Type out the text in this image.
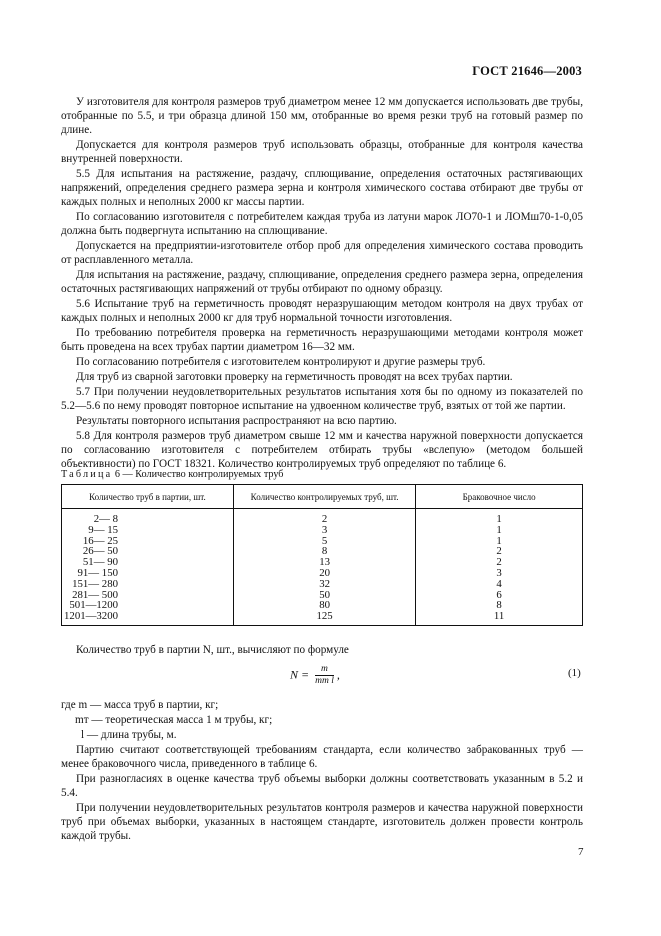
ГОСТ 21646—2003

У изготовителя для контроля размеров труб диаметром менее 12 мм допускается использовать две трубы, отобранные по 5.5, и три образца длиной 150 мм, отобранные во время резки труб на готовый размер по длине.

Допускается для контроля размеров труб использовать образцы, отобранные для контроля качества внутренней поверхности.

5.5 Для испытания на растяжение, раздачу, сплющивание, определения остаточных растягивающих напряжений, определения среднего размера зерна и контроля химического состава отбирают две трубы от каждых полных и неполных 2000 кг массы партии.

По согласованию изготовителя с потребителем каждая труба из латуни марок ЛО70-1 и ЛОМш70-1-0,05 должна быть подвергнута испытанию на сплющивание.

Допускается на предприятии-изготовителе отбор проб для определения химического состава проводить от расплавленного металла.

Для испытания на растяжение, раздачу, сплющивание, определения среднего размера зерна, определения остаточных растягивающих напряжений от трубы отбирают по одному образцу.

5.6 Испытание труб на герметичность проводят неразрушающим методом контроля на двух трубах от каждых полных и неполных 2000 кг для труб нормальной точности изготовления.

По требованию потребителя проверка на герметичность неразрушающими методами контроля может быть проведена на всех трубах партии диаметром 16—32 мм.

По согласованию потребителя с изготовителем контролируют и другие размеры труб.

Для труб из сварной заготовки проверку на герметичность проводят на всех трубах партии.

5.7 При получении неудовлетворительных результатов испытания хотя бы по одному из показателей по 5.2—5.6 по нему проводят повторное испытание на удвоенном количестве труб, взятых от той же партии.

Результаты повторного испытания распространяют на всю партию.

5.8 Для контроля размеров труб диаметром свыше 12 мм и качества наружной поверхности допускается по согласованию изготовителя с потребителем отбирать трубы «вслепую» (методом большей объективности) по ГОСТ 18321. Количество контролируемых труб определяют по таблице 6.

Таблица 6 — Количество контролируемых труб
Количество труб в партии, шт.	Количество контролируемых труб, шт.	Браковочное число
2— 8	2	1
9— 15	3	1
16— 25	5	1
26— 50	8	2
51— 90	13	2
91— 150	20	3
151— 280	32	4
281— 500	50	6
501—1200	80	8
1201—3200	125	11
Количество труб в партии N, шт., вычисляют по формуле
$N = \frac{m}{\text{mт l}}$ ,	(1)
где m — масса труб в партии, кг;
mт — теоретическая масса 1 м трубы, кг;
l — длина трубы, м.

Партию считают соответствующей требованиям стандарта, если количество забракованных труб — менее браковочного числа, приведенного в таблице 6.

При разногласиях в оценке качества труб объемы выборки должны соответствовать указанным в 5.2 и 5.4.

При получении неудовлетворительных результатов контроля размеров и качества наружной поверхности труб при объемах выборки, указанных в настоящем стандарте, изготовитель должен провести контроль каждой трубы.

7
